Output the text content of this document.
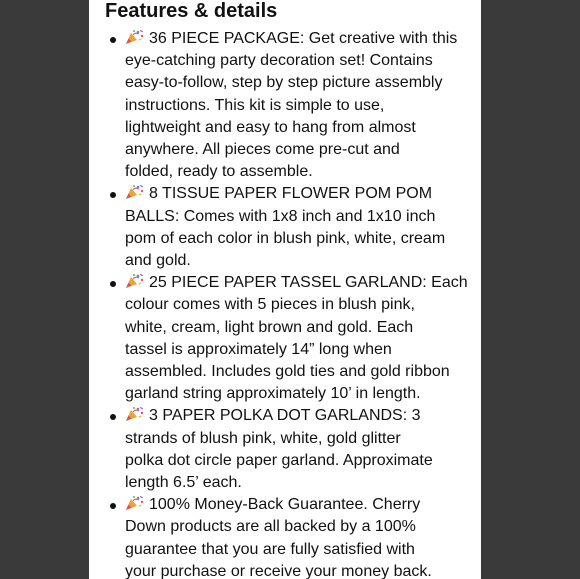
Features & details
36 PIECE PACKAGE: Get creative with this
eye-catching party decoration set! Contains
easy-to-follow, step by step picture assembly
instructions. This kit is simple to use,
lightweight and easy to hang from almost
anywhere. All pieces come pre-cut and
folded, ready to assemble.
8 TISSUE PAPER FLOWER POM POM
BALLS: Comes with 1x8 inch and 1x10 inch
pom of each color in blush pink, white, cream
and gold.
25 PIECE PAPER TASSEL GARLAND: Each
colour comes with 5 pieces in blush pink,
white, cream, light brown and gold. Each
tassel is approximately 14” long when
assembled. Includes gold ties and gold ribbon
garland string approximately 10’ in length.
3 PAPER POLKA DOT GARLANDS: 3
strands of blush pink, white, gold glitter
polka dot circle paper garland. Approximate
length 6.5’ each.
100% Money-Back Guarantee. Cherry
Down products are all backed by a 100%
guarantee that you are fully satisfied with
your purchase or receive your money back.
